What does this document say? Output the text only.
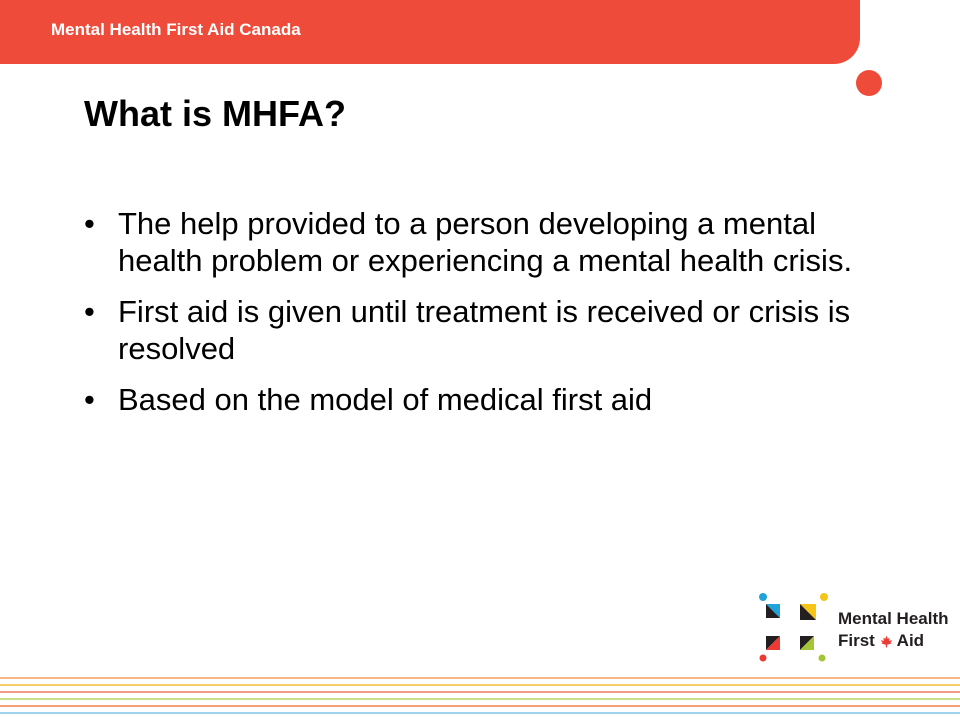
Mental Health First Aid Canada
What is MHFA?
• The help provided to a person developing a mental health problem or experiencing a mental health crisis.
• First aid is given until treatment is received or crisis is resolved
• Based on the model of medical first aid
Mental Health
First Aid
